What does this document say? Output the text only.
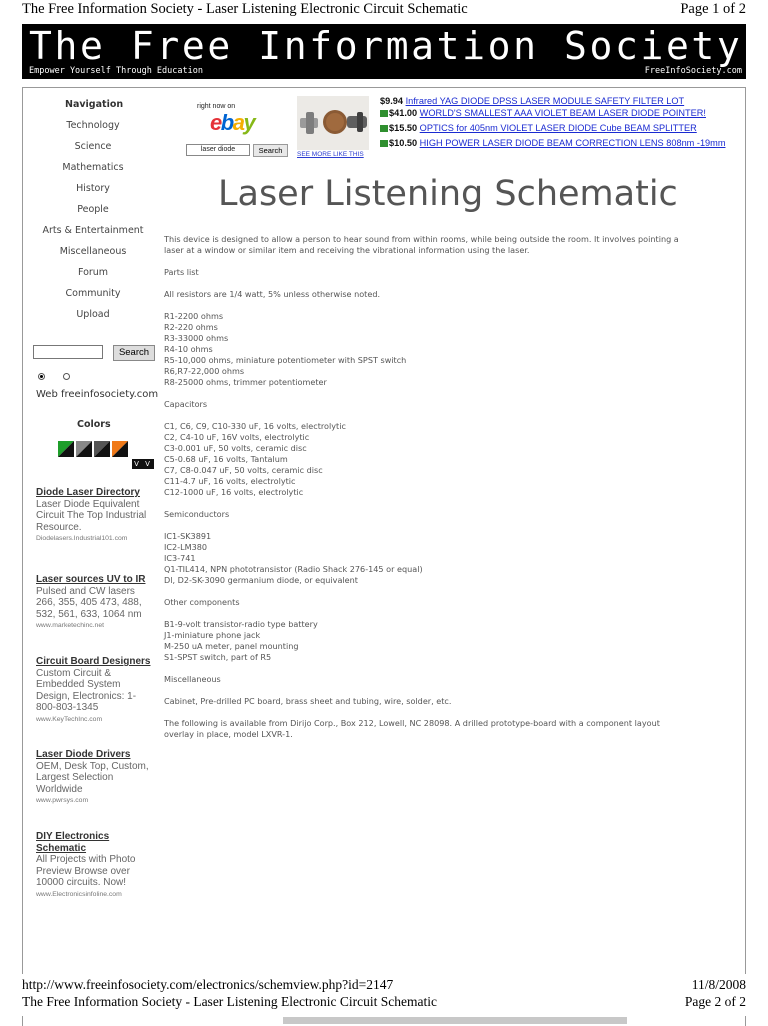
The Free Information Society - Laser Listening Electronic Circuit Schematic	Page 1 of 2
The Free Information Society
Empower Yourself Through Education	FreeInfoSociety.com
Navigation
Technology
Science
Mathematics
History
People
Arts & Entertainment
Miscellaneous
Forum
Community
Upload
Search
Web freeinfosociety.com
Colors
V V
Diode Laser Directory
Laser Diode Equivalent Circuit The Top Industrial Resource.
Diodelasers.Industrial101.com
Laser sources UV to IR
Pulsed and CW lasers 266, 355, 405 473, 488, 532, 561, 633, 1064 nm
www.marketechinc.net
Circuit Board Designers
Custom Circuit & Embedded System Design, Electronics: 1-800-803-1345
www.KeyTechInc.com
Laser Diode Drivers
OEM, Desk Top, Custom, Largest Selection Worldwide
www.pwrsys.com
DIY Electronics Schematic
All Projects with Photo Preview Browse over 10000 circuits. Now!
www.Electronicsinfoline.com
right now on
ebay
laser diode	Search	SEE MORE LIKE THIS
$9.94 Infrared YAG DIODE DPSS LASER MODULE SAFETY FILTER LOT
$41.00 WORLD'S SMALLEST AAA VIOLET BEAM LASER DIODE POINTER!
$15.50 OPTICS for 405nm VIOLET LASER DIODE Cube BEAM SPLITTER
$10.50 HIGH POWER LASER DIODE BEAM CORRECTION LENS 808nm -19mm
Laser Listening Schematic

This device is designed to allow a person to hear sound from within rooms, while being outside the room. It involves pointing a
laser at a window or similar item and receiving the vibrational information using the laser.

Parts list

All resistors are 1/4 watt, 5% unless otherwise noted.

R1-2200 ohms
R2-220 ohms
R3-33000 ohms
R4-10 ohms
R5-10,000 ohms, miniature potentiometer with SPST switch
R6,R7-22,000 ohms
R8-25000 ohms, trimmer potentiometer

Capacitors

C1, C6, C9, C10-330 uF, 16 volts, electrolytic
C2, C4-10 uF, 16V volts, electrolytic
C3-0.001 uF, 50 volts, ceramic disc
C5-0.68 uF, 16 volts, Tantalum
C7, C8-0.047 uF, 50 volts, ceramic disc
C11-4.7 uF, 16 volts, electrolytic
C12-1000 uF, 16 volts, electrolytic

Semiconductors

IC1-SK3891
IC2-LM380
IC3-741
Q1-TIL414, NPN phototransistor (Radio Shack 276-145 or equal)
Dl, D2-SK-3090 germanium diode, or equivalent

Other components

B1-9-volt transistor-radio type battery
J1-miniature phone jack
M-250 uA meter, panel mounting
S1-SPST switch, part of R5

Miscellaneous

Cabinet, Pre-drilled PC board, brass sheet and tubing, wire, solder, etc.

The following is available from Dirijo Corp., Box 212, Lowell, NC 28098. A drilled prototype-board with a component layout
overlay in place, model LXVR-1.

http://www.freeinfosociety.com/electronics/schemview.php?id=2147	11/8/2008
The Free Information Society - Laser Listening Electronic Circuit Schematic	Page 2 of 2
